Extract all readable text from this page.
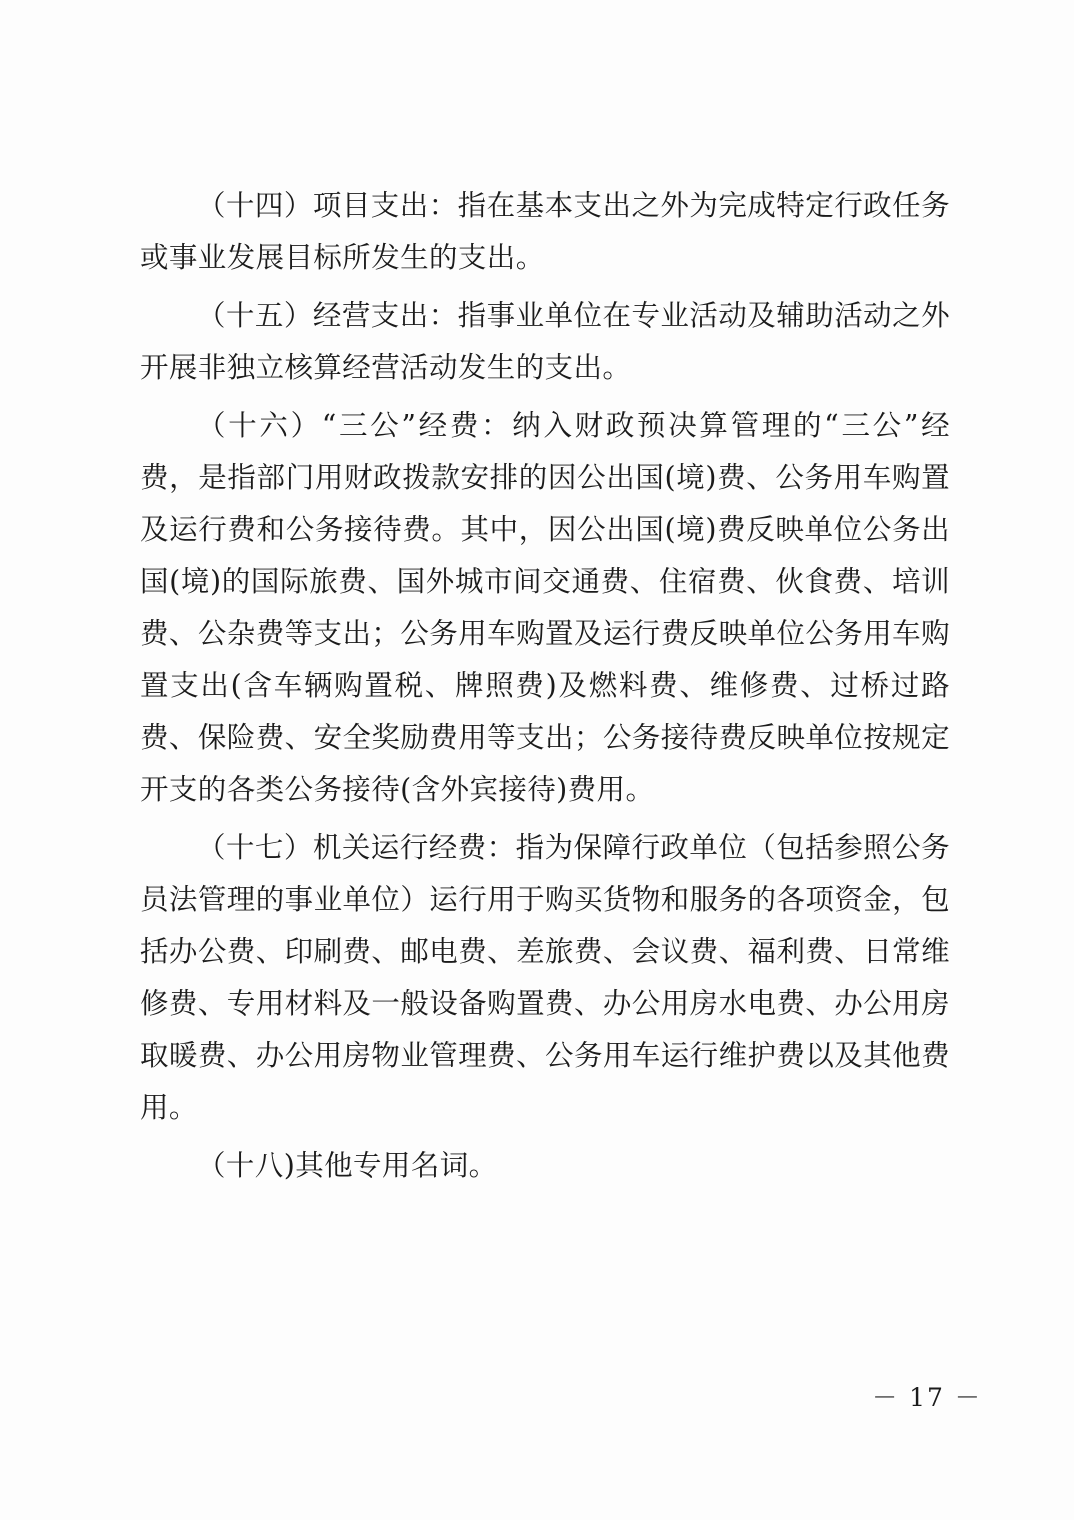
（十四）项目支出：指在基本支出之外为完成特定行政任务或事业发展目标所发生的支出。

（十五）经营支出：指事业单位在专业活动及辅助活动之外开展非独立核算经营活动发生的支出。

（十六）“三公”经费：纳入财政预决算管理的“三公”经费，是指部门用财政拨款安排的因公出国(境)费、公务用车购置及运行费和公务接待费。其中，因公出国(境)费反映单位公务出国(境)的国际旅费、国外城市间交通费、住宿费、伙食费、培训费、公杂费等支出；公务用车购置及运行费反映单位公务用车购置支出(含车辆购置税、牌照费)及燃料费、维修费、过桥过路费、保险费、安全奖励费用等支出；公务接待费反映单位按规定开支的各类公务接待(含外宾接待)费用。

（十七）机关运行经费：指为保障行政单位（包括参照公务员法管理的事业单位）运行用于购买货物和服务的各项资金，包括办公费、印刷费、邮电费、差旅费、会议费、福利费、日常维修费、专用材料及一般设备购置费、办公用房水电费、办公用房取暖费、办公用房物业管理费、公务用车运行维护费以及其他费用。

（十八)其他专用名词。

－ 17 －
